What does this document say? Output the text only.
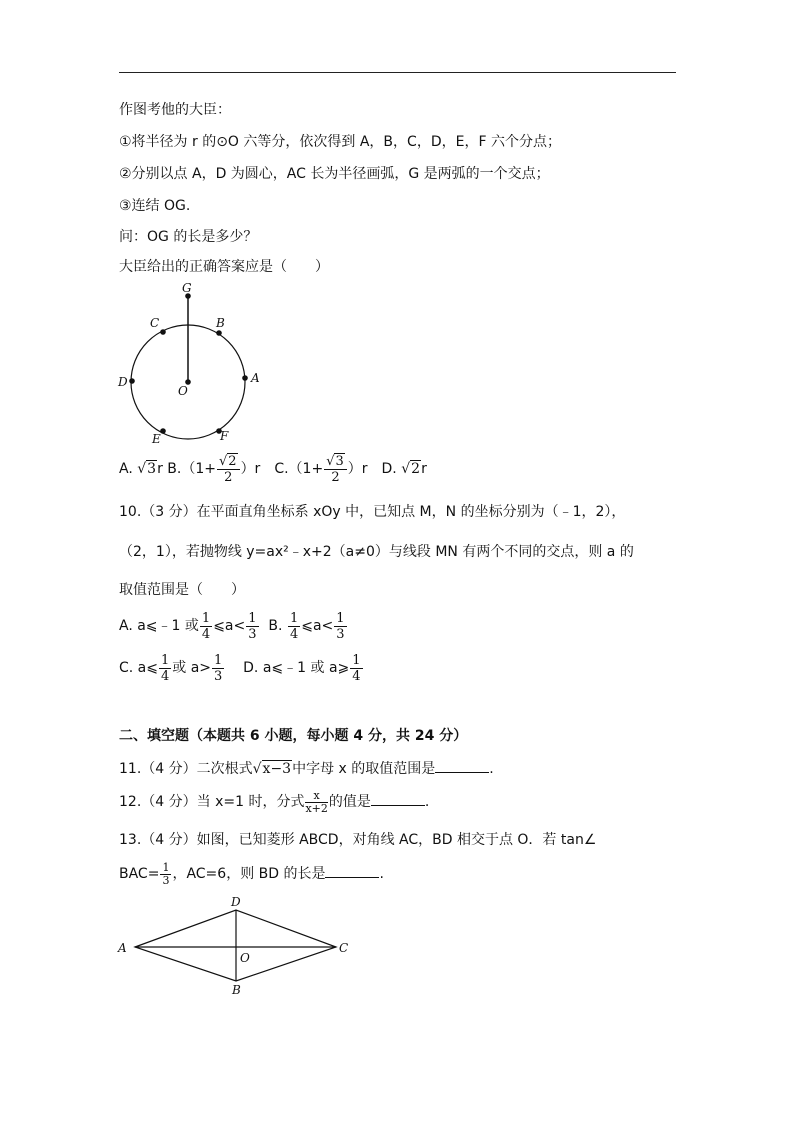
作图考他的大臣：
①将半径为 r 的⊙O 六等分，依次得到 A，B，C，D，E，F 六个分点；
②分别以点 A，D 为圆心，AC 长为半径画弧，G 是两弧的一个交点；
③连结 OG.
问：OG 的长是多少？
大臣给出的正确答案应是（　　）
G
C	B
D	A
O
E	F
A. √3r $B.(1+ \frac{√2}{2} )r$　$C.(1+ \frac{√3}{2} )r$　D. √2r
10.（3 分）在平面直角坐标系 xOy 中，已知点 M，N 的坐标分别为（﹣1，2），
（2，1），若抛物线 y=ax²﹣x+2（a≠0）与线段 MN 有两个不同的交点，则 a 的
取值范围是（　　）
A. a⩽﹣1 或 $\frac{1}{4}$ ⩽a< $\frac{1}{3} B$. $\frac{1}{4}$ ⩽a< $\frac{1}{3}$
C. a⩽ $\frac{1}{4}$ 或 $a> \frac{1}{3} D$. a⩽﹣1 或 a⩾ $\frac{1}{4}$
二、填空题（本题共 6 小题，每小题 4 分，共 24 分）
11.（4 分）二次根式√x−3中字母 x 的取值范围是	.
12.（4 分）当 x=1 时，分式 $\frac{x}{x+2}$ 的值是	.
13.（4 分）如图，已知菱形 ABCD，对角线 AC，BD 相交于点 O．若 tan∠
$BAC= \frac{1}{3}$ ，AC=6，则 BD 的长是	.
A
D
C
O
B
